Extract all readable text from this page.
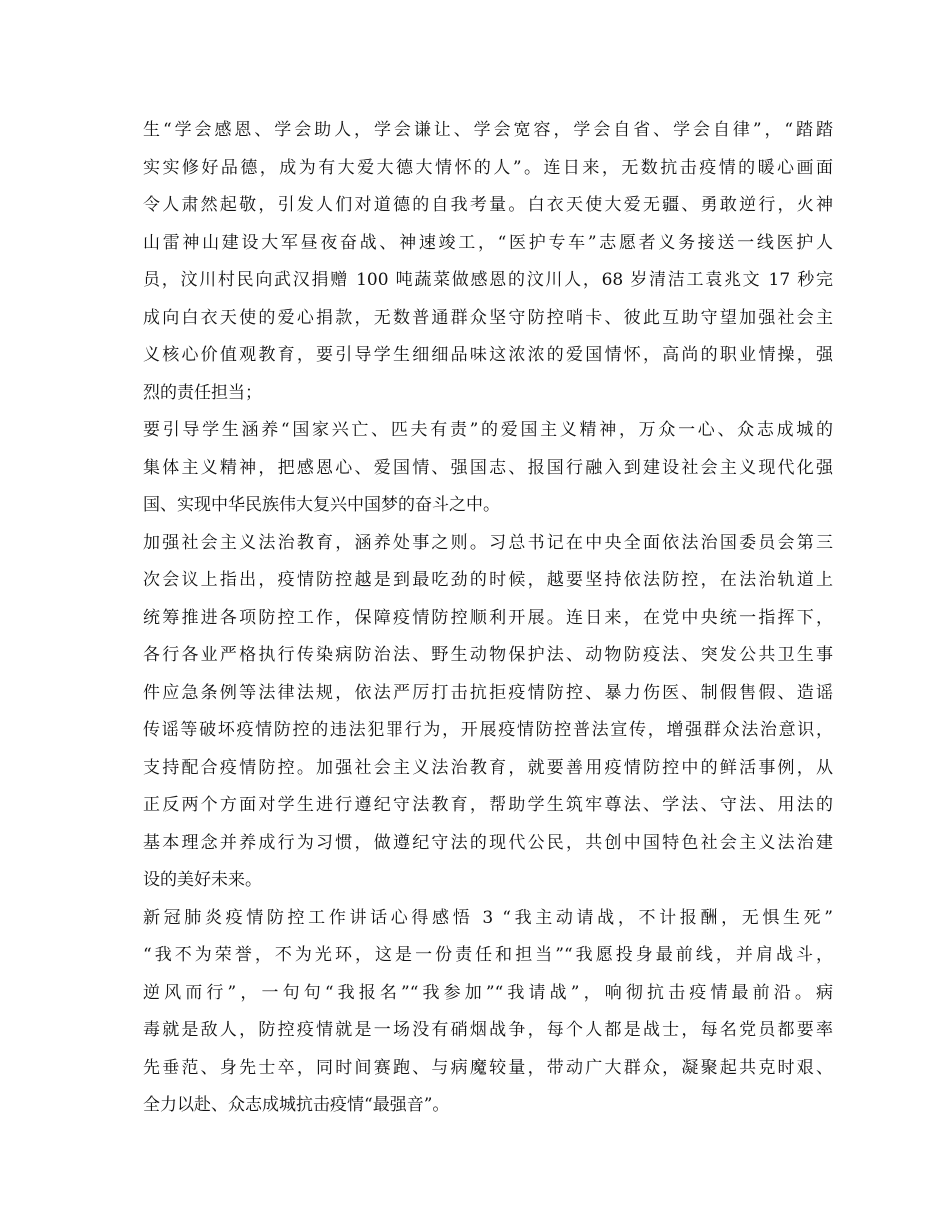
生“学会感恩、学会助人，学会谦让、学会宽容，学会自省、学会自律”，“踏踏
实实修好品德，成为有大爱大德大情怀的人”。连日来，无数抗击疫情的暖心画面
令人肃然起敬，引发人们对道德的自我考量。白衣天使大爱无疆、勇敢逆行，火神
山雷神山建设大军昼夜奋战、神速竣工，“医护专车”志愿者义务接送一线医护人
员，汶川村民向武汉捐赠 100 吨蔬菜做感恩的汶川人，68 岁清洁工袁兆文 17 秒完
成向白衣天使的爱心捐款，无数普通群众坚守防控哨卡、彼此互助守望加强社会主
义核心价值观教育，要引导学生细细品味这浓浓的爱国情怀，高尚的职业情操，强
烈的责任担当；
要引导学生涵养“国家兴亡、匹夫有责”的爱国主义精神，万众一心、众志成城的
集体主义精神，把感恩心、爱国情、强国志、报国行融入到建设社会主义现代化强
国、实现中华民族伟大复兴中国梦的奋斗之中。
加强社会主义法治教育，涵养处事之则。习总书记在中央全面依法治国委员会第三
次会议上指出，疫情防控越是到最吃劲的时候，越要坚持依法防控，在法治轨道上
统筹推进各项防控工作，保障疫情防控顺利开展。连日来，在党中央统一指挥下，
各行各业严格执行传染病防治法、野生动物保护法、动物防疫法、突发公共卫生事
件应急条例等法律法规，依法严厉打击抗拒疫情防控、暴力伤医、制假售假、造谣
传谣等破坏疫情防控的违法犯罪行为，开展疫情防控普法宣传，增强群众法治意识，
支持配合疫情防控。加强社会主义法治教育，就要善用疫情防控中的鲜活事例，从
正反两个方面对学生进行遵纪守法教育，帮助学生筑牢尊法、学法、守法、用法的
基本理念并养成行为习惯，做遵纪守法的现代公民，共创中国特色社会主义法治建
设的美好未来。
新冠肺炎疫情防控工作讲话心得感悟 3 “我主动请战，不计报酬，无惧生死”
“我不为荣誉，不为光环，这是一份责任和担当”“我愿投身最前线，并肩战斗，
逆风而行”，一句句“我报名”“我参加”“我请战”，响彻抗击疫情最前沿。病
毒就是敌人，防控疫情就是一场没有硝烟战争，每个人都是战士，每名党员都要率
先垂范、身先士卒，同时间赛跑、与病魔较量，带动广大群众，凝聚起共克时艰、
全力以赴、众志成城抗击疫情“最强音”。
